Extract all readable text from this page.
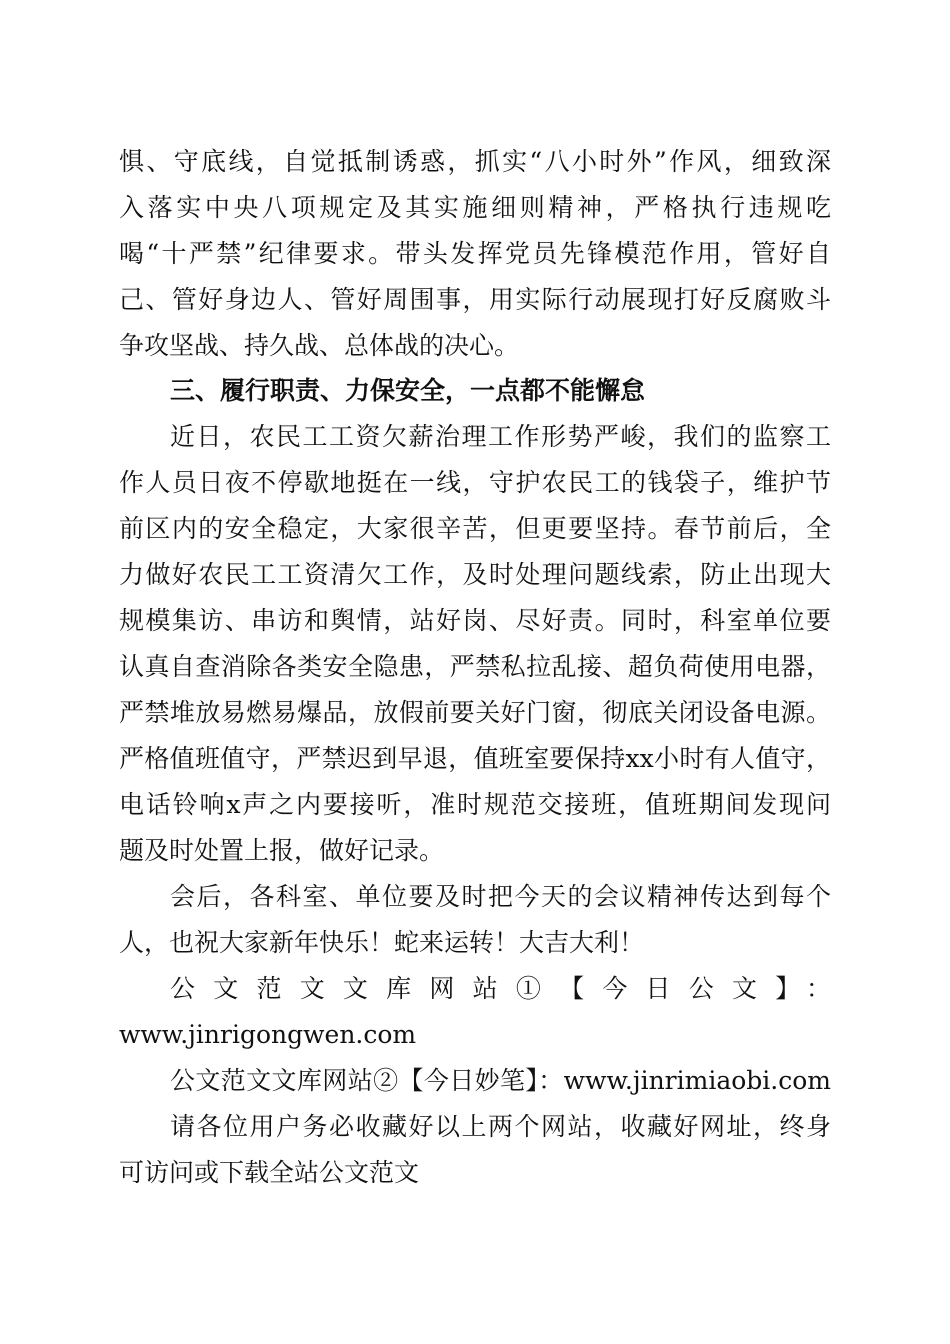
惧、守底线，自觉抵制诱惑，抓实“八小时外”作风，细致深
入落实中央八项规定及其实施细则精神，严格执行违规吃
喝“十严禁”纪律要求。带头发挥党员先锋模范作用，管好自
己、管好身边人、管好周围事，用实际行动展现打好反腐败斗
争攻坚战、持久战、总体战的决心。
三、履行职责、力保安全，一点都不能懈怠
近日，农民工工资欠薪治理工作形势严峻，我们的监察工
作人员日夜不停歇地挺在一线，守护农民工的钱袋子，维护节
前区内的安全稳定，大家很辛苦，但更要坚持。春节前后，全
力做好农民工工资清欠工作，及时处理问题线索，防止出现大
规模集访、串访和舆情，站好岗、尽好责。同时，科室单位要
认真自查消除各类安全隐患，严禁私拉乱接、超负荷使用电器，
严禁堆放易燃易爆品，放假前要关好门窗，彻底关闭设备电源。
严格值班值守，严禁迟到早退，值班室要保持xx小时有人值守，
电话铃响x声之内要接听，准时规范交接班，值班期间发现问
题及时处置上报，做好记录。
会后，各科室、单位要及时把今天的会议精神传达到每个
人，也祝大家新年快乐！蛇来运转！大吉大利！
公文范文文库网站①【今日公文】：
www.jinrigongwen.com
公文范文文库网站②【今日妙笔】：www.jinrimiaobi.com
请各位用户务必收藏好以上两个网站，收藏好网址，终身
可访问或下载全站公文范文
